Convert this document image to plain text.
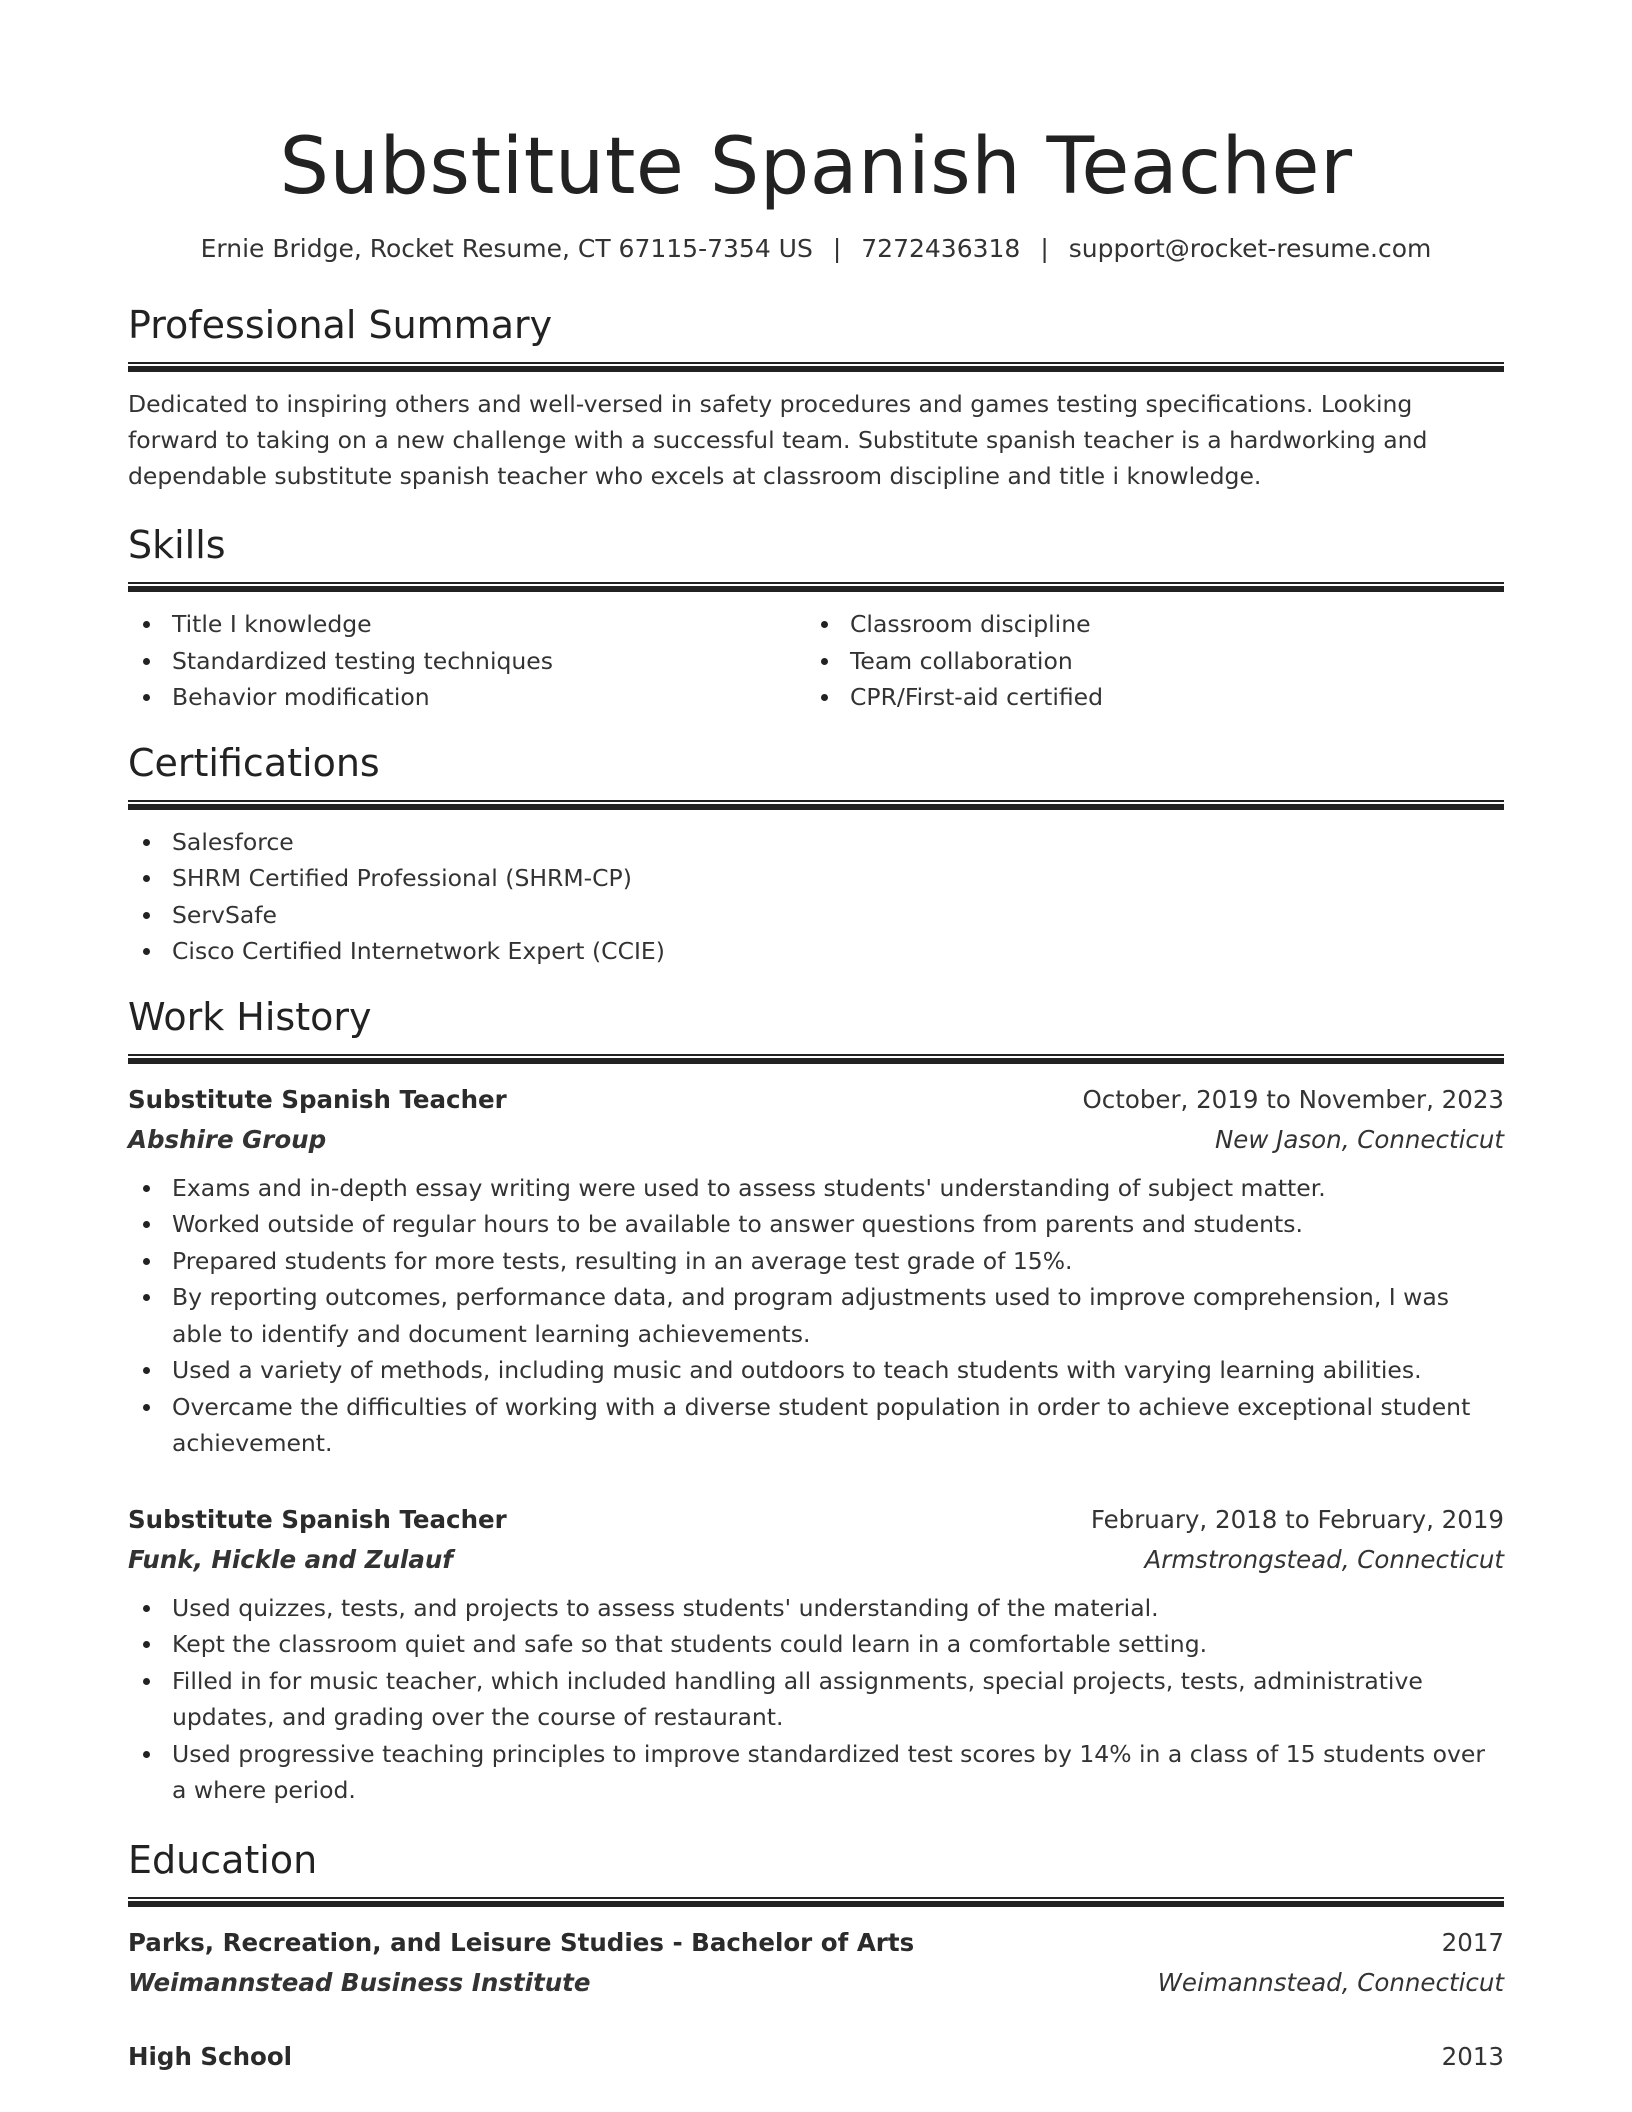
Substitute Spanish Teacher
Ernie Bridge, Rocket Resume, CT 67115-7354 US | 7272436318 | support@rocket-resume.com
Professional Summary

Dedicated to inspiring others and well-versed in safety procedures and games testing specifications. Looking forward to taking on a new challenge with a successful team. Substitute spanish teacher is a hardworking and dependable substitute spanish teacher who excels at classroom discipline and title i knowledge.

Skills
Title I knowledge
Standardized testing techniques
Behavior modification
Classroom discipline
Team collaboration
CPR/First-aid certified
Certifications
Salesforce
SHRM Certified Professional (SHRM-CP)
ServSafe
Cisco Certified Internetwork Expert (CCIE)
Work History
Substitute Spanish Teacher	October, 2019 to November, 2023
Abshire Group	New Jason, Connecticut
Exams and in-depth essay writing were used to assess students' understanding of subject matter.
Worked outside of regular hours to be available to answer questions from parents and students.
Prepared students for more tests, resulting in an average test grade of 15%.
By reporting outcomes, performance data, and program adjustments used to improve comprehension, I was able to identify and document learning achievements.
Used a variety of methods, including music and outdoors to teach students with varying learning abilities.
Overcame the difficulties of working with a diverse student population in order to achieve exceptional student achievement.
Substitute Spanish Teacher	February, 2018 to February, 2019
Funk, Hickle and Zulauf	Armstrongstead, Connecticut
Used quizzes, tests, and projects to assess students' understanding of the material.
Kept the classroom quiet and safe so that students could learn in a comfortable setting.
Filled in for music teacher, which included handling all assignments, special projects, tests, administrative updates, and grading over the course of restaurant.
Used progressive teaching principles to improve standardized test scores by 14% in a class of 15 students over a where period.
Education
Parks, Recreation, and Leisure Studies - Bachelor of Arts	2017
Weimannstead Business Institute	Weimannstead, Connecticut
High School	2013
